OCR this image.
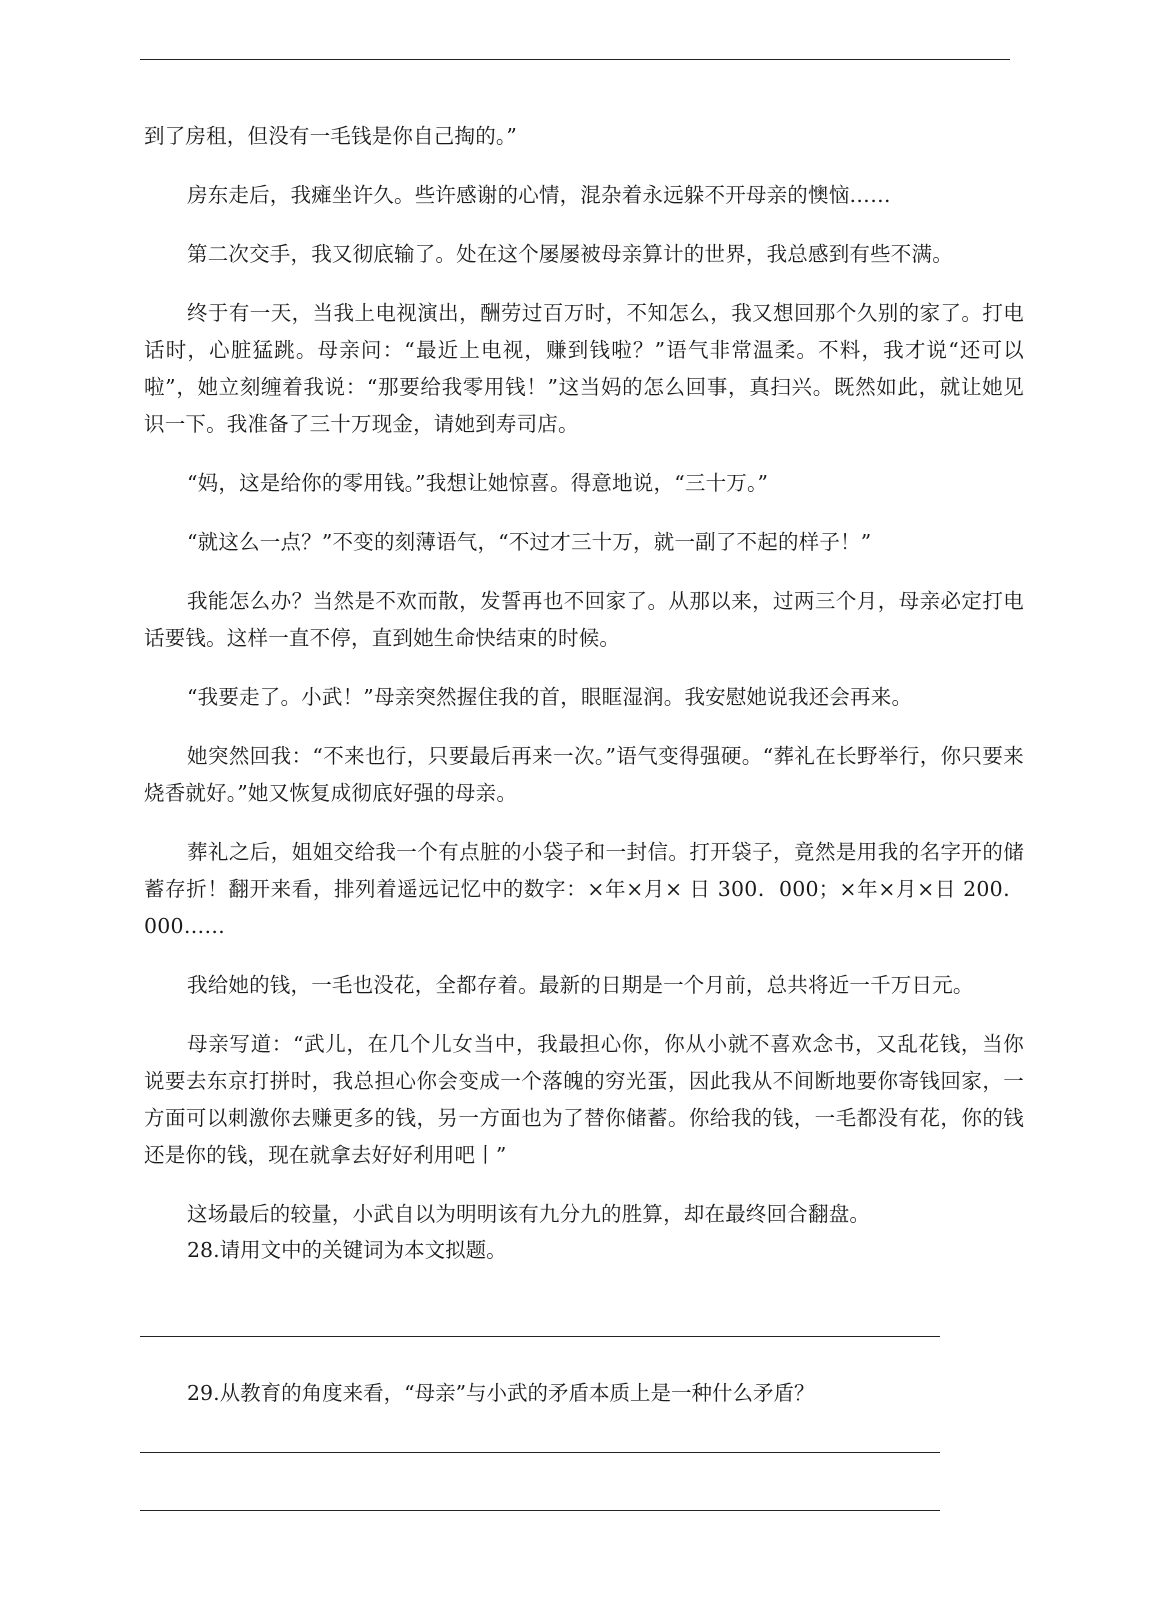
到了房租，但没有一毛钱是你自己掏的。”

房东走后，我瘫坐许久。些许感谢的心情，混杂着永远躲不开母亲的懊恼……

第二次交手，我又彻底输了。处在这个屡屡被母亲算计的世界，我总感到有些不满。

终于有一天，当我上电视演出，酬劳过百万时，不知怎么，我又想回那个久别的家了。打电话时，心脏猛跳。母亲问：“最近上电视，赚到钱啦？”语气非常温柔。不料，我才说“还可以啦”，她立刻缠着我说：“那要给我零用钱！”这当妈的怎么回事，真扫兴。既然如此，就让她见识一下。我准备了三十万现金，请她到寿司店。

“妈，这是给你的零用钱。”我想让她惊喜。得意地说，“三十万。”

“就这么一点？”不变的刻薄语气，“不过才三十万，就一副了不起的样子！”

我能怎么办？当然是不欢而散，发誓再也不回家了。从那以来，过两三个月，母亲必定打电话要钱。这样一直不停，直到她生命快结束的时候。

“我要走了。小武！”母亲突然握住我的首，眼眶湿润。我安慰她说我还会再来。

她突然回我：“不来也行，只要最后再来一次。”语气变得强硬。“葬礼在长野举行，你只要来烧香就好。”她又恢复成彻底好强的母亲。

葬礼之后，姐姐交给我一个有点脏的小袋子和一封信。打开袋子，竟然是用我的名字开的储蓄存折！翻开来看，排列着遥远记忆中的数字：×年×月× 日 300．000；×年×月×日 200．000……

我给她的钱，一毛也没花，全都存着。最新的日期是一个月前，总共将近一千万日元。

母亲写道：“武儿，在几个儿女当中，我最担心你，你从小就不喜欢念书，又乱花钱，当你说要去东京打拼时，我总担心你会变成一个落魄的穷光蛋，因此我从不间断地要你寄钱回家，一方面可以刺激你去赚更多的钱，另一方面也为了替你储蓄。你给我的钱，一毛都没有花，你的钱还是你的钱，现在就拿去好好利用吧丨”

这场最后的较量，小武自以为明明该有九分九的胜算，却在最终回合翻盘。

28.请用文中的关键词为本文拟题。

29.从教育的角度来看，“母亲”与小武的矛盾本质上是一种什么矛盾？
